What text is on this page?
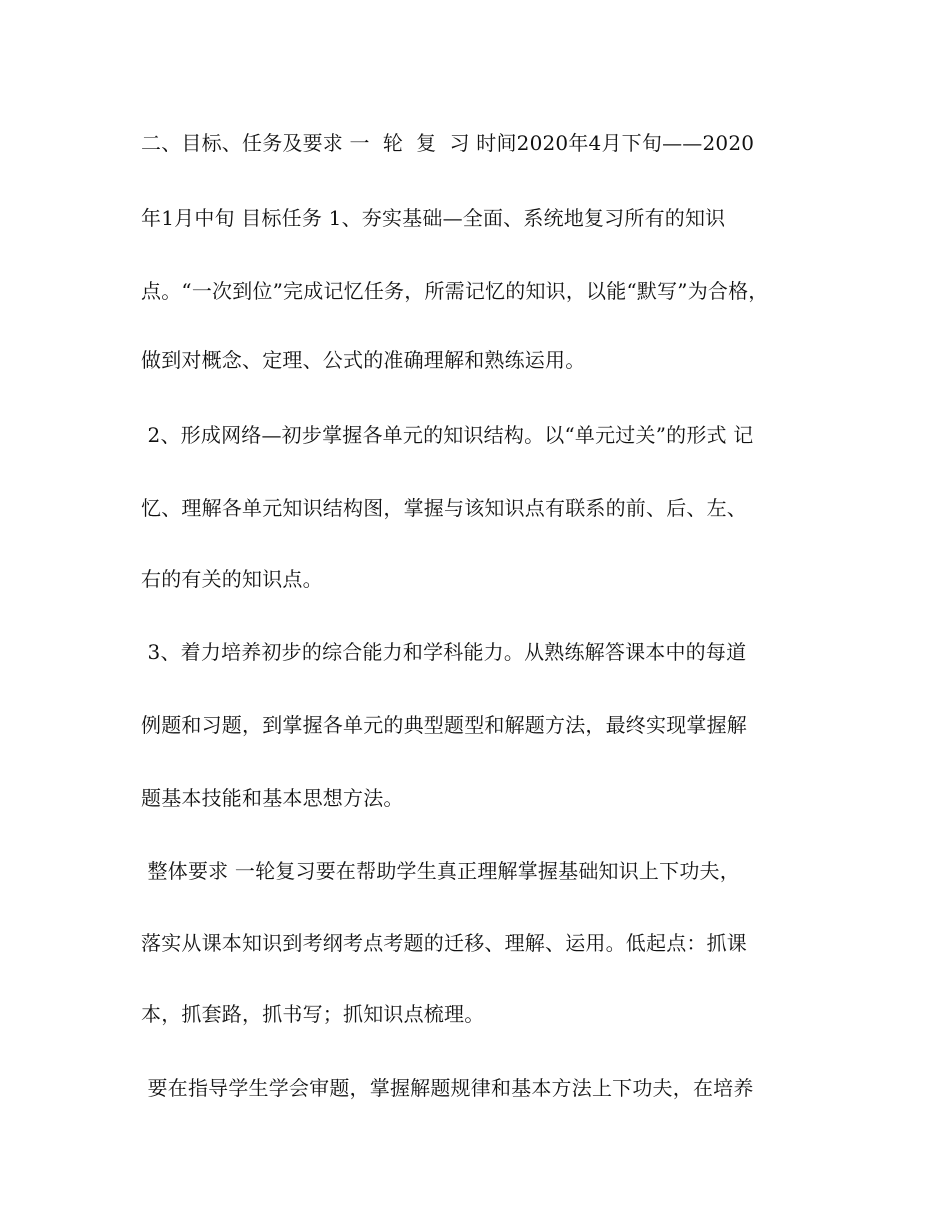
二、目标、任务及要求 一  轮  复  习 时间2020年4月下旬——2020
年1月中旬 目标任务 1、夯实基础—全面、系统地复习所有的知识
点。“一次到位”完成记忆任务，所需记忆的知识，以能“默写”为合格，
做到对概念、定理、公式的准确理解和熟练运用。
2、形成网络—初步掌握各单元的知识结构。以“单元过关”的形式 记
忆、理解各单元知识结构图，掌握与该知识点有联系的前、后、左、
右的有关的知识点。
3、着力培养初步的综合能力和学科能力。从熟练解答课本中的每道
例题和习题，到掌握各单元的典型题型和解题方法，最终实现掌握解
题基本技能和基本思想方法。
整体要求 一轮复习要在帮助学生真正理解掌握基础知识上下功夫，
落实从课本知识到考纲考点考题的迁移、理解、运用。低起点：抓课
本，抓套路，抓书写；抓知识点梳理。
要在指导学生学会审题，掌握解题规律和基本方法上下功夫，在培养
